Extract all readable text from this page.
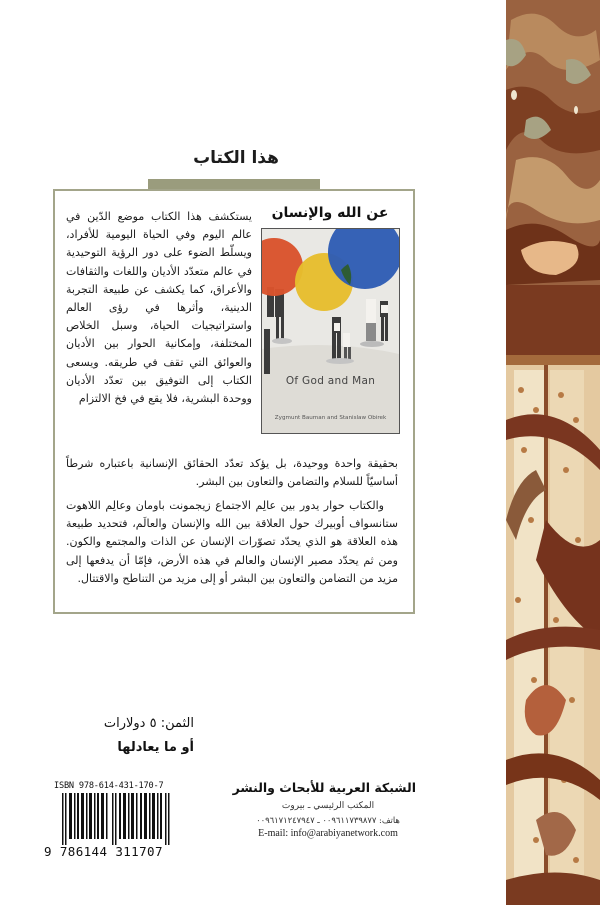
هذا الكتاب
عن الله والإنسان
Of God and Man
Zygmunt Bauman and Stanislaw Obirek
يستكشف هذا الكتاب موضع الدّين في عالم اليوم وفي الحياة اليومية للأفراد، ويسلّط الضوء على دور الرؤية التوحيدية في عالم متعدّد الأديان واللغات والثقافات والأعراق، كما يكشف عن طبيعة التجربة الدينية، وأثرها في رؤى العالم واستراتيجيات الحياة، وسبل الخلاص المختلفة، وإمكانية الحوار بين الأديان والعوائق التي تقف في طريقه. ويسعى الكتاب إلى التوفيق بين تعدّد الأديان ووحدة البشرية، فلا يقع في فخ الالتزام
بحقيقة واحدة ووحيدة، بل يؤكد تعدّد الحقائق الإنسانية باعتباره شرطاً أساسيّاً للسلام والتضامن والتعاون بين البشر.
والكتاب حوار يدور بين عالِم الاجتماع زيجمونت باومان وعالِم اللاهوت ستانسواف أوبيرك حول العلاقة بين الله والإنسان والعالَم، فتحديد طبيعة هذه العلاقة هو الذي يحدّد تصوّرات الإنسان عن الذات والمجتمع والكون. ومن ثم يحدّد مصير الإنسان والعالم في هذه الأرض، فإمّا أن يدفعها إلى مزيد من التضامن والتعاون بين البشر أو إلى مزيد من التناطح والاقتتال.
الثمن: ٥ دولارات
أو ما يعادلها
ISBN 978-614-431-170-7
9 786144 311707
الشبكة العربية للأبحاث والنشر
المكتب الرئيسي ـ بيروت
هاتف: ٠٠٩٦١١٧٣٩٨٧٧ ـ ٠٠٩٦١٧١٢٤٧٩٤٧
E-mail: info@arabiyanetwork.com
